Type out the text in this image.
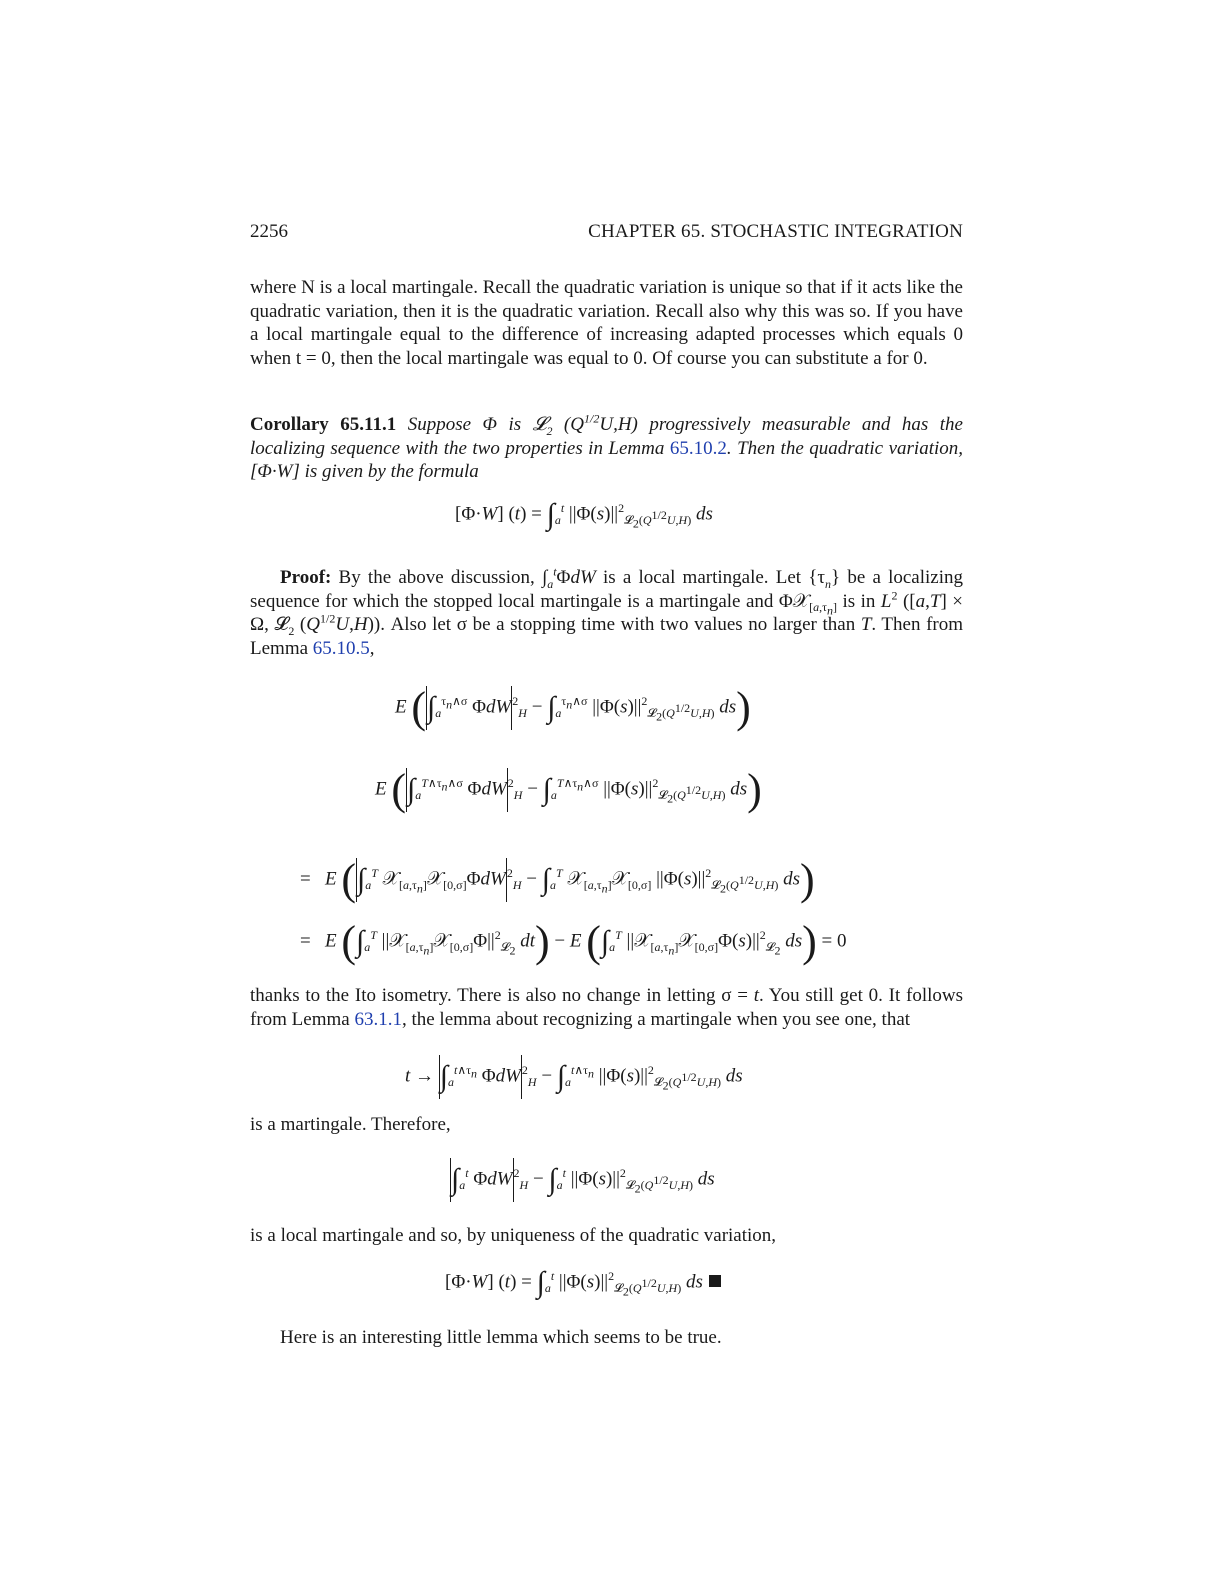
2256	CHAPTER 65. STOCHASTIC INTEGRATION
where N is a local martingale. Recall the quadratic variation is unique so that if it acts like the quadratic variation, then it is the quadratic variation. Recall also why this was so. If you have a local martingale equal to the difference of increasing adapted processes which equals 0 when t = 0, then the local martingale was equal to 0. Of course you can substitute a for 0.
Corollary 65.11.1 Suppose Φ is 𝓛$_2$ $(Q^{1/2}U,H)$ progressively measurable and has the localizing sequence with the two properties in Lemma 65.10.2. Then the quadratic variation, [Φ·W] is given by the formula
[Φ·W] $(t) = \int_a^t$ $||\Phi(s)||^2_{𝓛_2(Q^{1/2}U,H)}$ ds
Proof: By the above discussion, $\int_a^t\Phi dW$ is a local martingale. Let $\{\tau_n\}$ be a localizing sequence for which the stopped local martingale is a martingale and Φ𝒳$_{[a,\tau_n]}$ is in $L^2$ ([a,T] × Ω, 𝓛$_2$ $(Q^{1/2}U,H)$). Also let σ be a stopping time with two values no larger than T. Then from Lemma 65.10.5,
E ($\int_a^{\tau_n\wedge\sigma}$ $\Phi dW^2_H - \int_a^{\tau_n\wedge\sigma}$ $||\Phi(s)||^2_{𝓛_2(Q^{1/2}U,H)}$ ds)
E ($\int_a^{T\wedge\tau_n\wedge\sigma}$ $\Phi dW^2_H - \int_a^{T\wedge\tau_n\wedge\sigma}$ $||\Phi(s)||^2_{𝓛_2(Q^{1/2}U,H)}$ ds)
=   E ($\int_a^T$ 𝒳$_{[a,\tau_n]}$𝒳$_{[0,\sigma]}$ΦdW$^2_H$ − $\int_a^T$ 𝒳$_{[a,\tau_n]}$𝒳$_{[0,\sigma]}$ $||\Phi(s)||^2_{𝓛_2(Q^{1/2}U,H)}$ ds)
=   E ($\int_a^T$ $||𝒳_{[a,\tau_n]}𝒳_{[0,\sigma]}\Phi||^2_{𝓛_2}$ dt) − E ($\int_a^T$ $||𝒳_{[a,\tau_n]}𝒳_{[0,\sigma]}\Phi(s)||^2_{𝓛_2}$ ds) = 0
thanks to the Ito isometry. There is also no change in letting σ = t. You still get 0. It follows from Lemma 63.1.1, the lemma about recognizing a martingale when you see one, that
$t \to \int_a^{t\wedge\tau_n}$ $\Phi dW^2_H - \int_a^{t\wedge\tau_n}$ $||\Phi(s)||^2_{𝓛_2(Q^{1/2}U,H)}$ ds
is a martingale. Therefore,
$\int_a^t$ $\Phi dW^2_H - \int_a^t$ $||\Phi(s)||^2_{𝓛_2(Q^{1/2}U,H)}$ ds
is a local martingale and so, by uniqueness of the quadratic variation,
[Φ·W] $(t) = \int_a^t$ $||\Phi(s)||^2_{𝓛_2(Q^{1/2}U,H)}$ ds
Here is an interesting little lemma which seems to be true.
